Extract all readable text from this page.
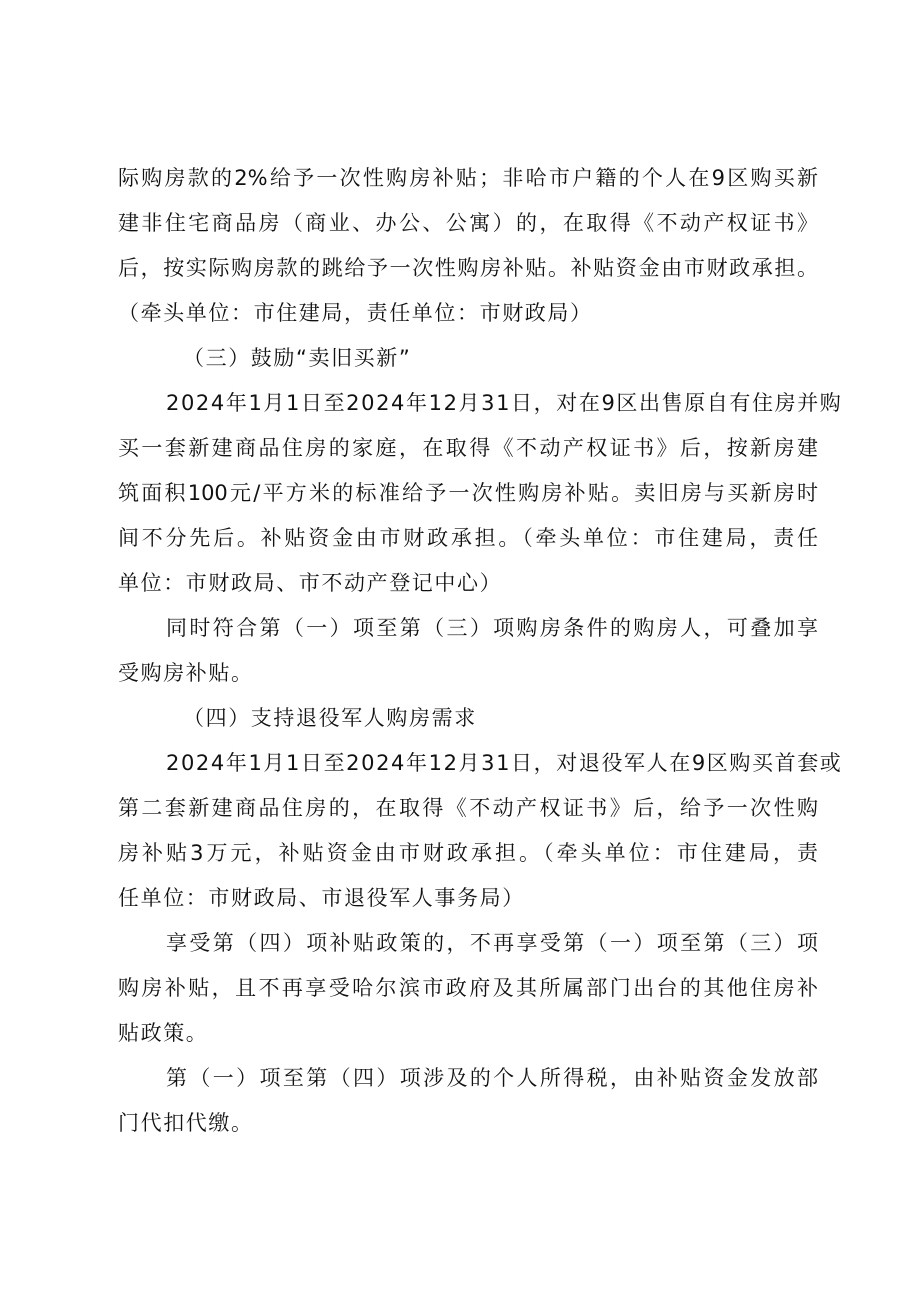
际购房款的2%给予一次性购房补贴；非哈市户籍的个人在9区购买新
建非住宅商品房（商业、办公、公寓）的，在取得《不动产权证书》
后，按实际购房款的跳给予一次性购房补贴。补贴资金由市财政承担。
（牵头单位：市住建局，责任单位：市财政局）
（三）鼓励“卖旧买新”
2024年1月1日至2024年12月31日，对在9区出售原自有住房并购
买一套新建商品住房的家庭，在取得《不动产权证书》后，按新房建
筑面积100元/平方米的标准给予一次性购房补贴。卖旧房与买新房时
间不分先后。补贴资金由市财政承担。（牵头单位：市住建局，责任
单位：市财政局、市不动产登记中心）
同时符合第（一）项至第（三）项购房条件的购房人，可叠加享
受购房补贴。
（四）支持退役军人购房需求
2024年1月1日至2024年12月31日，对退役军人在9区购买首套或
第二套新建商品住房的，在取得《不动产权证书》后，给予一次性购
房补贴3万元，补贴资金由市财政承担。（牵头单位：市住建局，责
任单位：市财政局、市退役军人事务局）
享受第（四）项补贴政策的，不再享受第（一）项至第（三）项
购房补贴，且不再享受哈尔滨市政府及其所属部门出台的其他住房补
贴政策。
第（一）项至第（四）项涉及的个人所得税，由补贴资金发放部
门代扣代缴。
